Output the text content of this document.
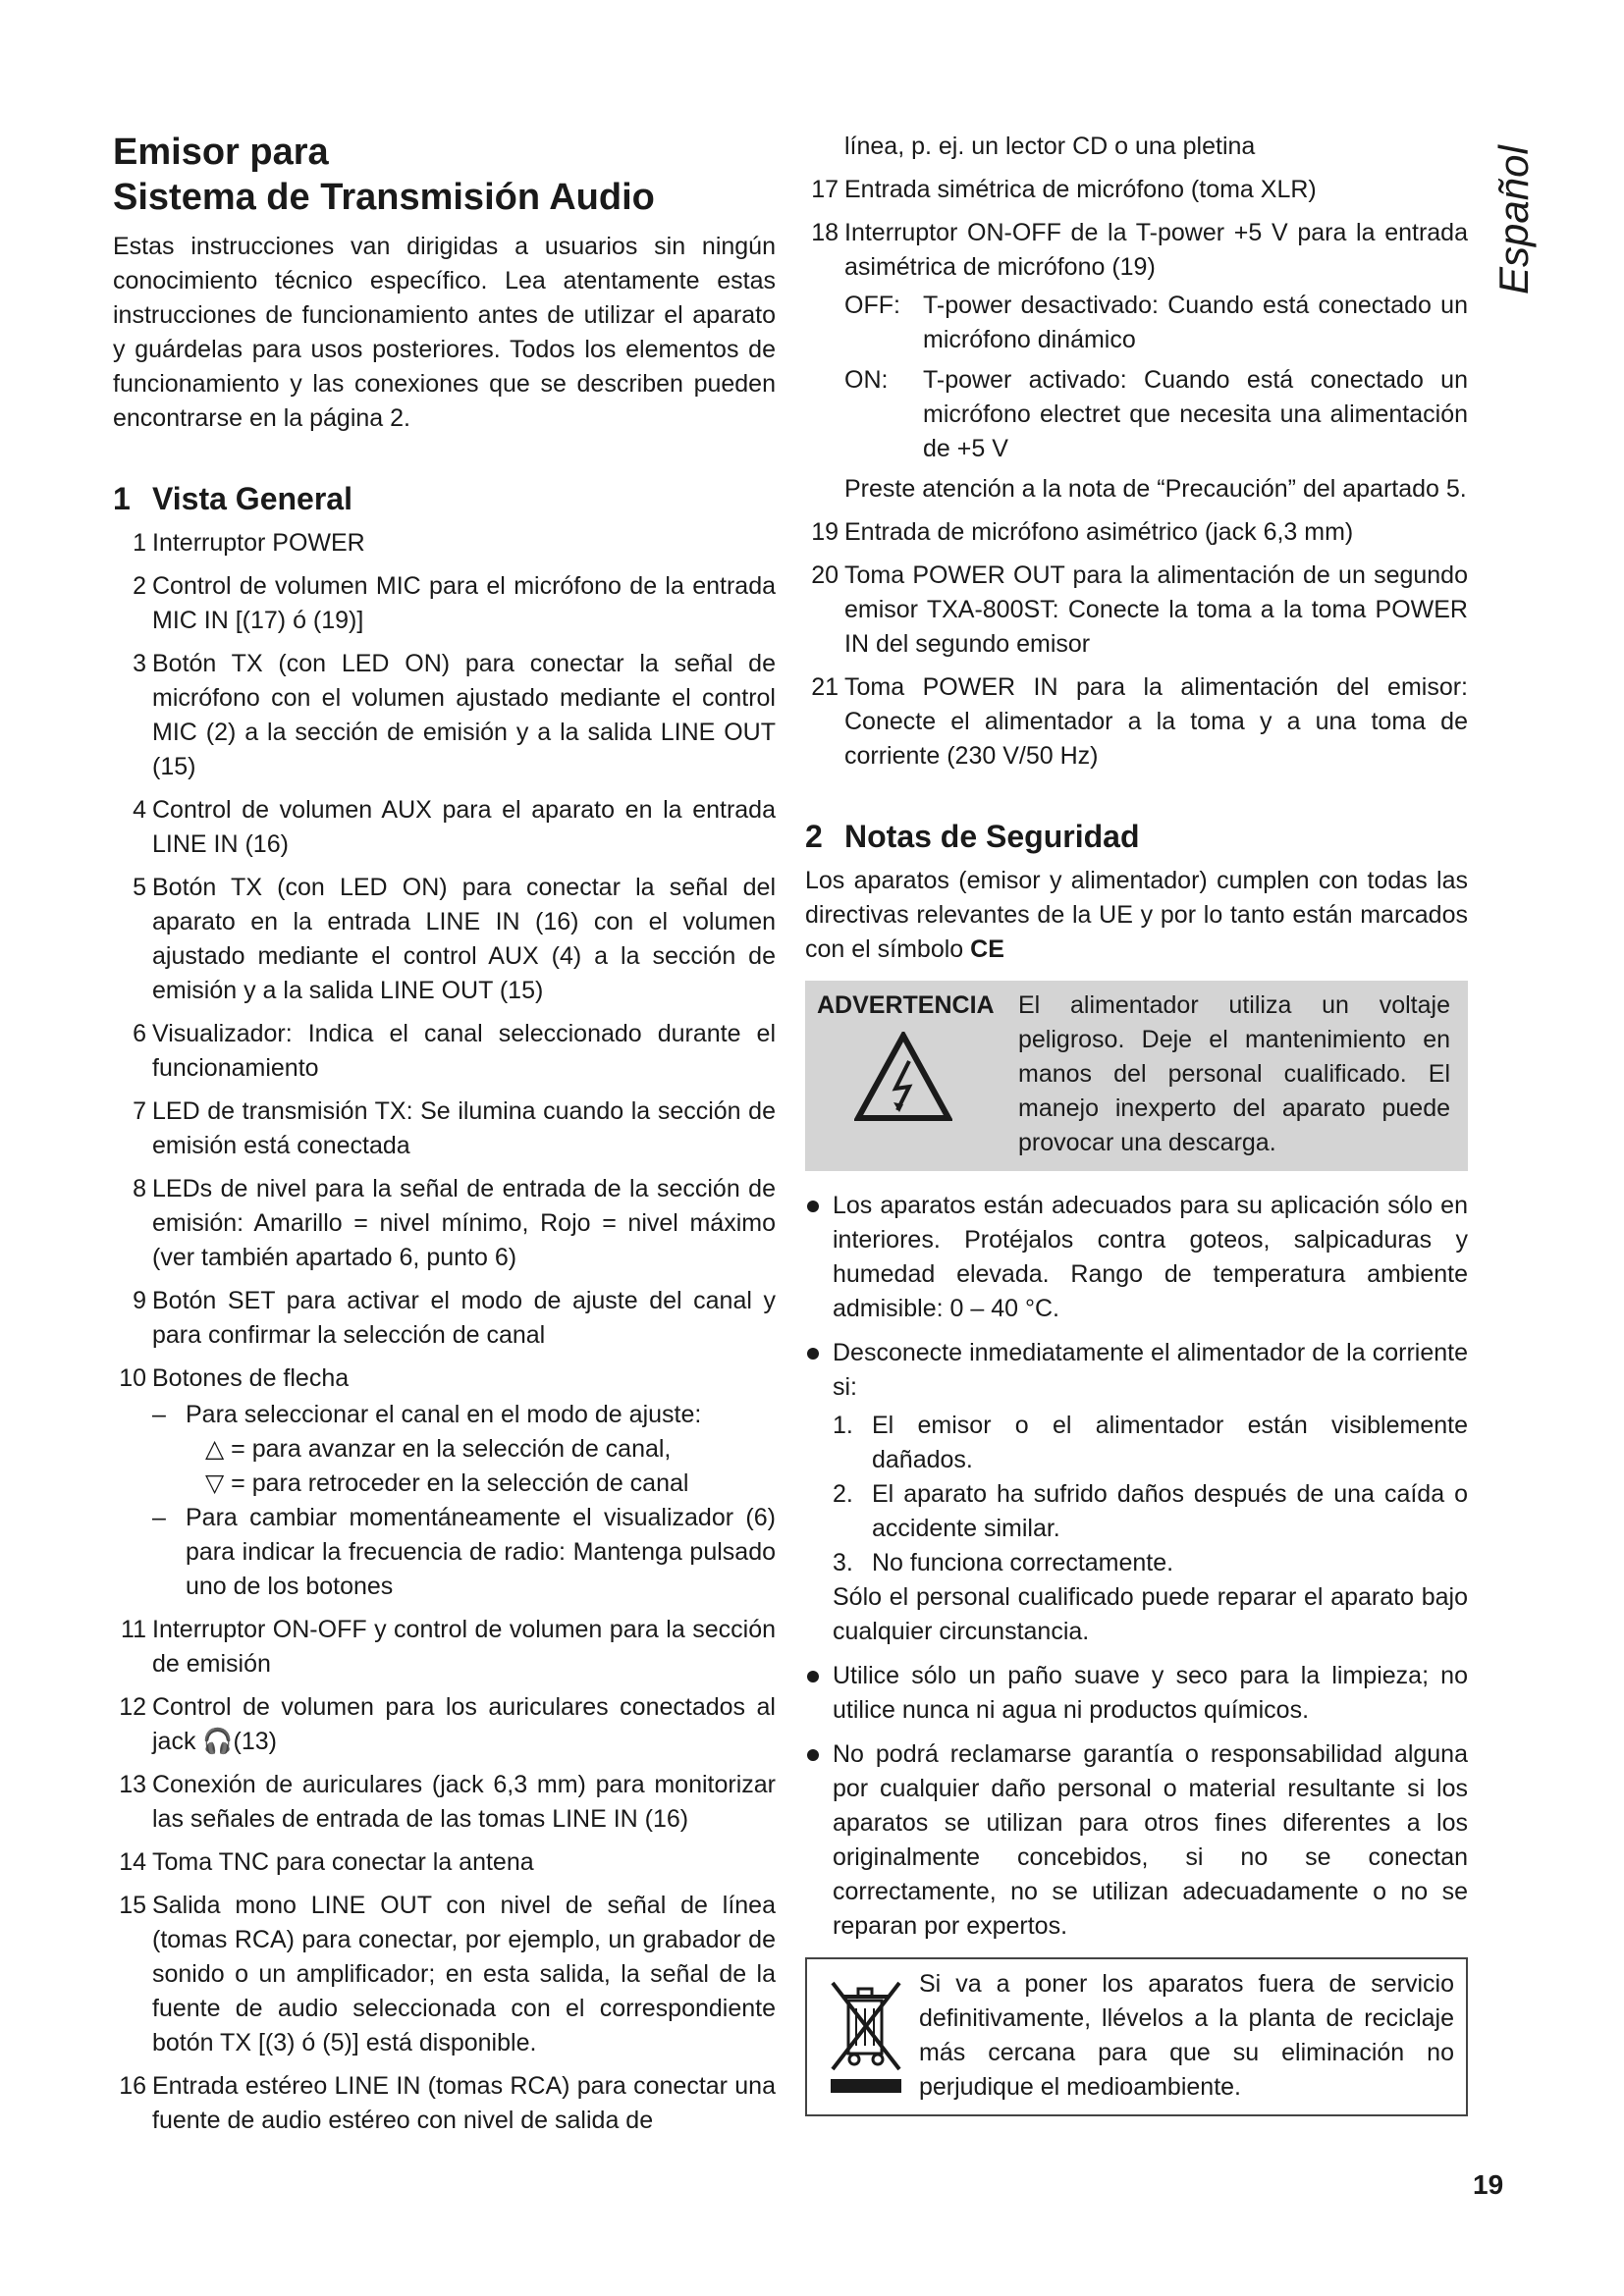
Emisor para
Sistema de Transmisión Audio

Estas instrucciones van dirigidas a usuarios sin ningún conocimiento técnico específico. Lea atentamente estas instrucciones de funcionamiento antes de utilizar el aparato y guárdelas para usos posteriores. Todos los elementos de funcionamiento y las conexiones que se describen pueden encontrarse en la página 2.

1 Vista General
1 Interruptor POWER
2 Control de volumen MIC para el micrófono de la entrada MIC IN [(17) ó (19)]
3 Botón TX (con LED ON) para conectar la señal de micrófono con el volumen ajustado mediante el control MIC (2) a la sección de emisión y a la salida LINE OUT (15)
4 Control de volumen AUX para el aparato en la entrada LINE IN (16)
5 Botón TX (con LED ON) para conectar la señal del aparato en la entrada LINE IN (16) con el volumen ajustado mediante el control AUX (4) a la sección de emisión y a la salida LINE OUT (15)
6 Visualizador: Indica el canal seleccionado durante el funcionamiento
7 LED de transmisión TX: Se ilumina cuando la sección de emisión está conectada
8 LEDs de nivel para la señal de entrada de la sección de emisión: Amarillo = nivel mínimo, Rojo = nivel máximo (ver también apartado 6, punto 6)
9 Botón SET para activar el modo de ajuste del canal y para confirmar la selección de canal
10 Botones de flecha
– Para seleccionar el canal en el modo de ajuste:
△ = para avanzar en la selección de canal,
▽ = para retroceder en la selección de canal
– Para cambiar momentáneamente el visualizador (6) para indicar la frecuencia de radio: Mantenga pulsado uno de los botones
11 Interruptor ON-OFF y control de volumen para la sección de emisión
12 Control de volumen para los auriculares conectados al jack 🎧(13)
13 Conexión de auriculares (jack 6,3 mm) para monitorizar las señales de entrada de las tomas LINE IN (16)
14 Toma TNC para conectar la antena
15 Salida mono LINE OUT con nivel de señal de línea (tomas RCA) para conectar, por ejemplo, un grabador de sonido o un amplificador; en esta salida, la señal de la fuente de audio seleccionada con el correspondiente botón TX [(3) ó (5)] está disponible.
16 Entrada estéreo LINE IN (tomas RCA) para conectar una fuente de audio estéreo con nivel de salida de
línea, p. ej. un lector CD o una pletina
17 Entrada simétrica de micrófono (toma XLR)
18 Interruptor ON-OFF de la T-power +5 V para la entrada asimétrica de micrófono (19)
OFF: T-power desactivado: Cuando está conectado un micrófono dinámico
ON: T-power activado: Cuando está conectado un micrófono electret que necesita una alimentación de +5 V
Preste atención a la nota de “Precaución” del apartado 5.
19 Entrada de micrófono asimétrico (jack 6,3 mm)
20 Toma POWER OUT para la alimentación de un segundo emisor TXA-800ST: Conecte la toma a la toma POWER IN del segundo emisor
21 Toma POWER IN para la alimentación del emisor: Conecte el alimentador a la toma y a una toma de corriente (230 V/50 Hz)
2 Notas de Seguridad

Los aparatos (emisor y alimentador) cumplen con todas las directivas relevantes de la UE y por lo tanto están marcados con el símbolo CE

ADVERTENCIA El alimentador utiliza un voltaje peligroso. Deje el mantenimiento en manos del personal cualificado. El manejo inexperto del aparato puede provocar una descarga.
Los aparatos están adecuados para su aplicación sólo en interiores. Protéjalos contra goteos, salpicaduras y humedad elevada. Rango de temperatura ambiente admisible: 0 – 40 °C.
Desconecte inmediatamente el alimentador de la corriente si:
1. El emisor o el alimentador están visiblemente dañados.
2. El aparato ha sufrido daños después de una caída o accidente similar.
3. No funciona correctamente.
Sólo el personal cualificado puede reparar el aparato bajo cualquier circunstancia.
Utilice sólo un paño suave y seco para la limpieza; no utilice nunca ni agua ni productos químicos.
No podrá reclamarse garantía o responsabilidad alguna por cualquier daño personal o material resultante si los aparatos se utilizan para otros fines diferentes a los originalmente concebidos, si no se conectan correctamente, no se utilizan adecuadamente o no se reparan por expertos.
Si va a poner los aparatos fuera de servicio definitivamente, llévelos a la planta de reciclaje más cercana para que su eliminación no perjudique el medioambiente.
Español
19
